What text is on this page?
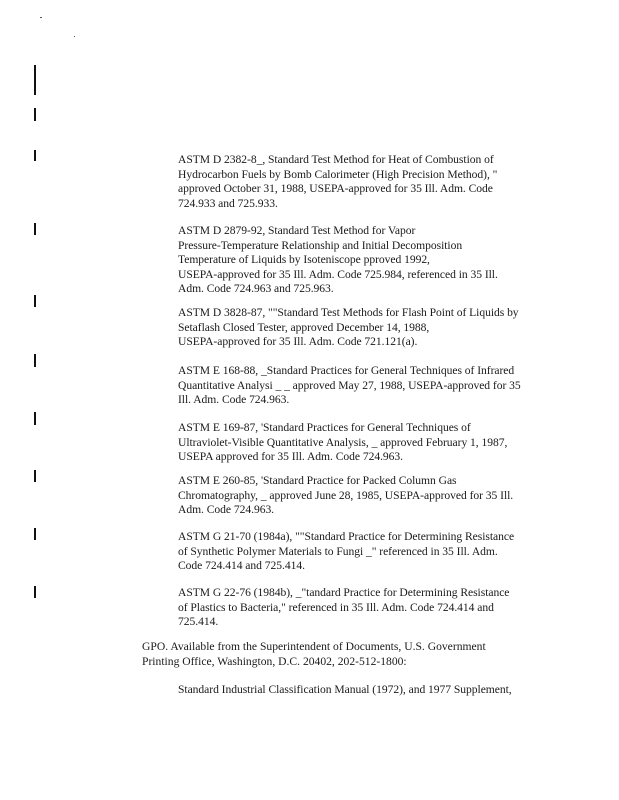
ASTM D 2382-8_, Standard Test Method for Heat of Combustion of
Hydrocarbon Fuels by Bomb Calorimeter (High Precision Method), "
approved October 31, 1988, USEPA-approved for 35 Ill. Adm. Code
724.933 and 725.933.
ASTM D 2879-92, Standard Test Method for Vapor
Pressure-Temperature Relationship and Initial Decomposition
Temperature of Liquids by Isoteniscope pproved 1992,
USEPA-approved for 35 Ill. Adm. Code 725.984, referenced in 35 Ill.
Adm. Code 724.963 and 725.963.
ASTM D 3828-87, ""Standard Test Methods for Flash Point of Liquids by
Setaflash Closed Tester, approved December 14, 1988,
USEPA-approved for 35 Ill. Adm. Code 721.121(a).
ASTM E 168-88, _Standard Practices for General Techniques of Infrared
Quantitative Analysi _ _ approved May 27, 1988, USEPA-approved for 35
Ill. Adm. Code 724.963.
ASTM E 169-87, 'Standard Practices for General Techniques of
Ultraviolet-Visible Quantitative Analysis, _ approved February 1, 1987,
USEPA approved for 35 Ill. Adm. Code 724.963.
ASTM E 260-85, 'Standard Practice for Packed Column Gas
Chromatography, _ approved June 28, 1985, USEPA-approved for 35 Ill.
Adm. Code 724.963.
ASTM G 21-70 (1984a), ""Standard Practice for Determining Resistance
of Synthetic Polymer Materials to Fungi _" referenced in 35 Ill. Adm.
Code 724.414 and 725.414.
ASTM G 22-76 (1984b), _"tandard Practice for Determining Resistance
of Plastics to Bacteria," referenced in 35 Ill. Adm. Code 724.414 and
725.414.
GPO. Available from the Superintendent of Documents, U.S. Government
Printing Office, Washington, D.C. 20402, 202-512-1800:
Standard Industrial Classification Manual (1972), and 1977 Supplement,
